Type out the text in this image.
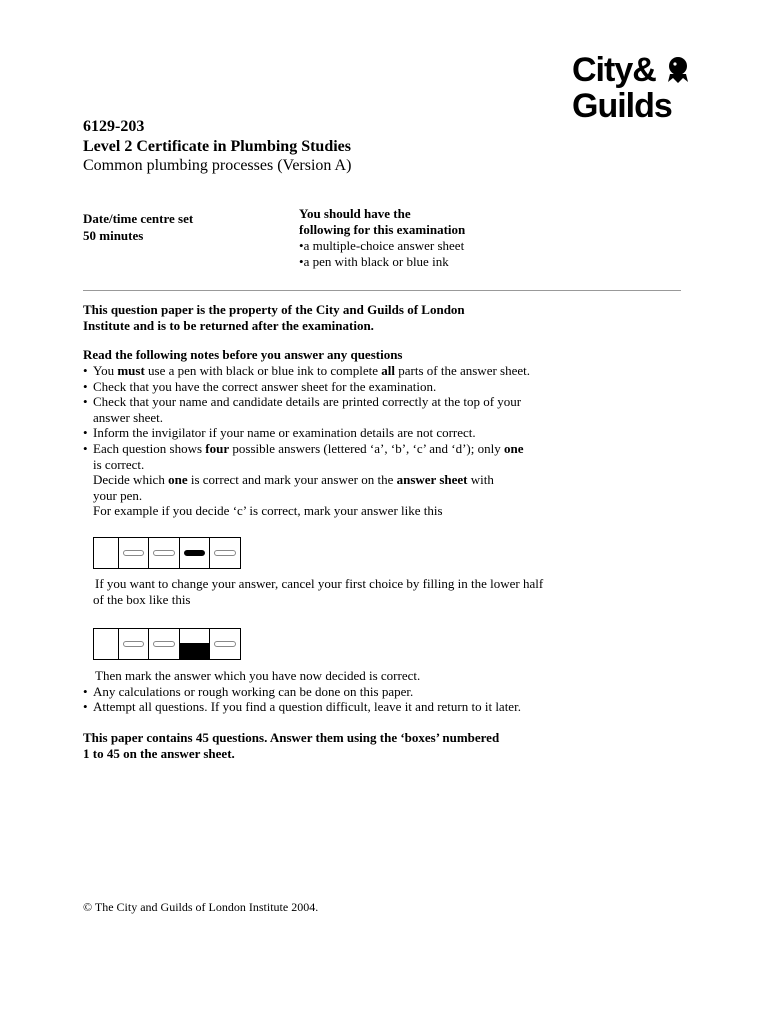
City&
Guilds
6129-203
Level 2 Certificate in Plumbing Studies
Common plumbing processes (Version A)
Date/time centre set
50 minutes
You should have the
following for this examination
•a multiple-choice answer sheet
•a pen with black or blue ink
This question paper is the property of the City and Guilds of London
Institute and is to be returned after the examination.
Read the following notes before you answer any questions
• You must use a pen with black or blue ink to complete all parts of the answer sheet.
• Check that you have the correct answer sheet for the examination.
• Check that your name and candidate details are printed correctly at the top of your
answer sheet.
• Inform the invigilator if your name or examination details are not correct.
• Each question shows four possible answers (lettered ‘a’, ‘b’, ‘c’ and ‘d’); only one
is correct.
Decide which one is correct and mark your answer on the answer sheet with
your pen.
For example if you decide ‘c’ is correct, mark your answer like this
If you want to change your answer, cancel your first choice by filling in the lower half
of the box like this
Then mark the answer which you have now decided is correct.
• Any calculations or rough working can be done on this paper.
• Attempt all questions. If you find a question difficult, leave it and return to it later.
This paper contains 45 questions. Answer them using the ‘boxes’ numbered
1 to 45 on the answer sheet.
© The City and Guilds of London Institute 2004.
